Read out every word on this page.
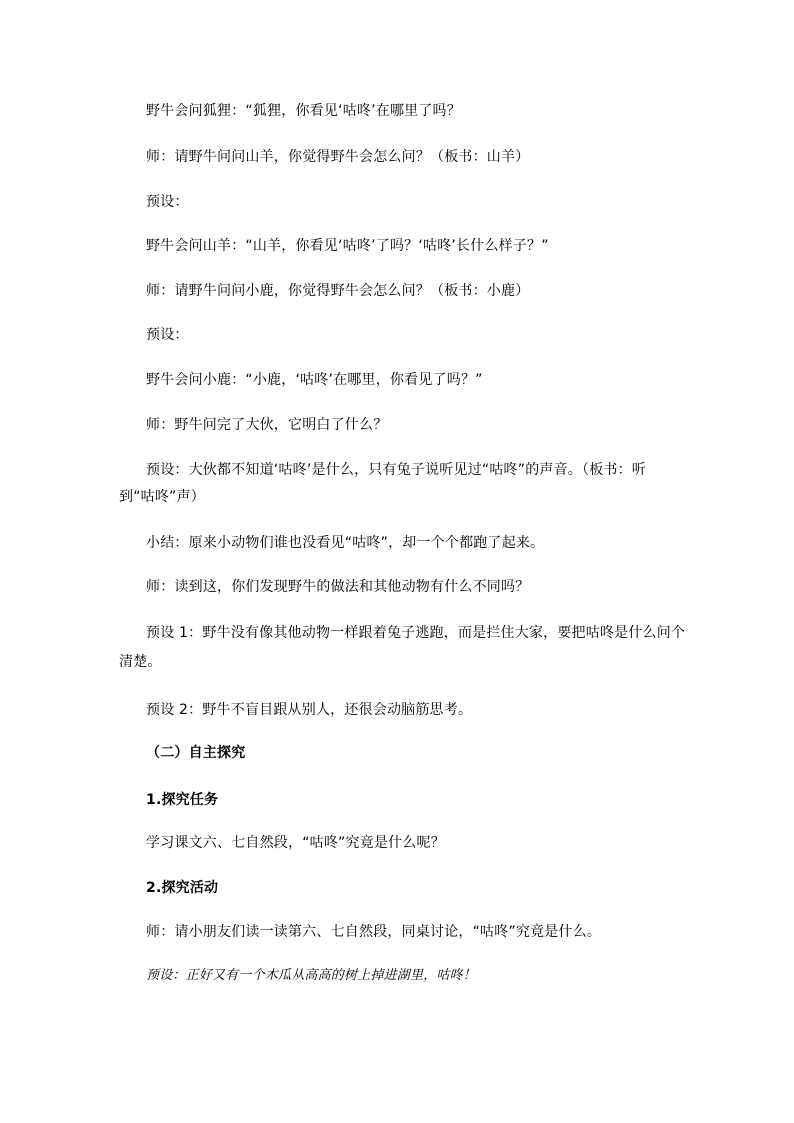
野牛会问狐狸：“狐狸，你看见‘咕咚’在哪里了吗？
师：请野牛问问山羊，你觉得野牛会怎么问？（板书：山羊）
预设：
野牛会问山羊：“山羊，你看见‘咕咚’了吗？‘咕咚’长什么样子？”
师：请野牛问问小鹿，你觉得野牛会怎么问？（板书：小鹿）
预设：
野牛会问小鹿：“小鹿，‘咕咚’在哪里，你看见了吗？”
师：野牛问完了大伙，它明白了什么？
预设：大伙都不知道‘咕咚’是什么，只有兔子说听见过“咕咚”的声音。（板书：听
到“咕咚”声）
小结：原来小动物们谁也没看见“咕咚”，却一个个都跑了起来。
师：读到这，你们发现野牛的做法和其他动物有什么不同吗？
预设 1：野牛没有像其他动物一样跟着兔子逃跑，而是拦住大家，要把咕咚是什么问个
清楚。
预设 2：野牛不盲目跟从别人，还很会动脑筋思考。
（二）自主探究
1.探究任务
学习课文六、七自然段，“咕咚”究竟是什么呢？
2.探究活动
师：请小朋友们读一读第六、七自然段，同桌讨论，“咕咚”究竟是什么。
预设：正好又有一个木瓜从高高的树上掉进湖里，咕咚！
